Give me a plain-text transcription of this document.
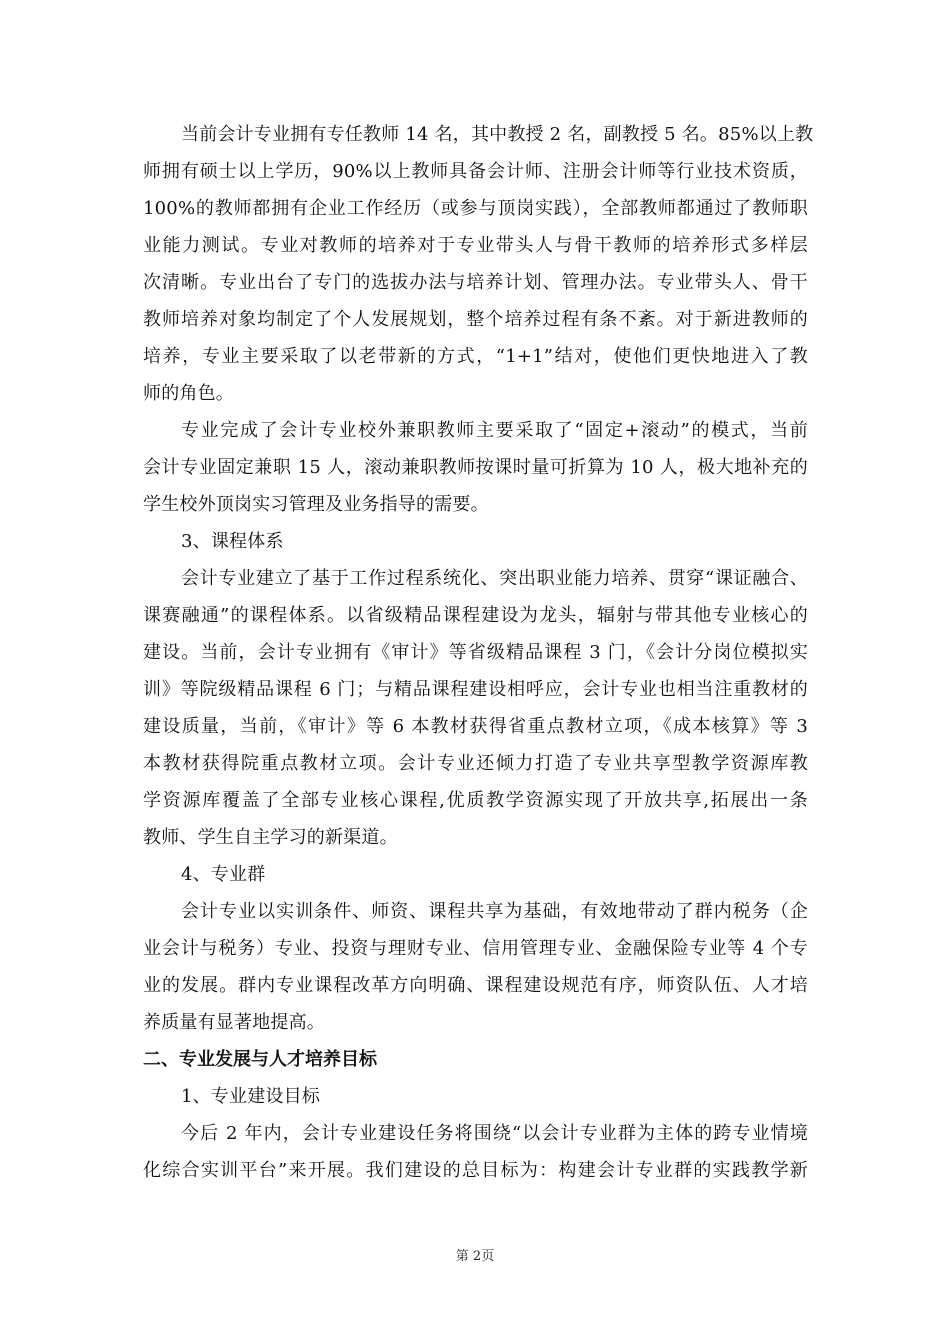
当前会计专业拥有专任教师 14 名，其中教授 2 名，副教授 5 名。85%以上教
师拥有硕士以上学历，90%以上教师具备会计师、注册会计师等行业技术资质，
100%的教师都拥有企业工作经历（或参与顶岗实践），全部教师都通过了教师职
业能力测试。专业对教师的培养对于专业带头人与骨干教师的培养形式多样层
次清晰。专业出台了专门的选拔办法与培养计划、管理办法。专业带头人、骨干
教师培养对象均制定了个人发展规划，整个培养过程有条不紊。对于新进教师的
培养，专业主要采取了以老带新的方式，“1+1”结对，使他们更快地进入了教
师的角色。
专业完成了会计专业校外兼职教师主要采取了“固定+滚动”的模式，当前
会计专业固定兼职 15 人，滚动兼职教师按课时量可折算为 10 人，极大地补充的
学生校外顶岗实习管理及业务指导的需要。
3、课程体系
会计专业建立了基于工作过程系统化、突出职业能力培养、贯穿“课证融合、
课赛融通”的课程体系。以省级精品课程建设为龙头，辐射与带其他专业核心的
建设。当前，会计专业拥有《审计》等省级精品课程 3 门，《会计分岗位模拟实
训》等院级精品课程 6 门；与精品课程建设相呼应，会计专业也相当注重教材的
建设质量，当前，《审计》等 6 本教材获得省重点教材立项，《成本核算》等 3
本教材获得院重点教材立项。会计专业还倾力打造了专业共享型教学资源库教
学资源库覆盖了全部专业核心课程,优质教学资源实现了开放共享,拓展出一条
教师、学生自主学习的新渠道。
4、专业群
会计专业以实训条件、师资、课程共享为基础，有效地带动了群内税务（企
业会计与税务）专业、投资与理财专业、信用管理专业、金融保险专业等 4 个专
业的发展。群内专业课程改革方向明确、课程建设规范有序，师资队伍、人才培
养质量有显著地提高。
二、专业发展与人才培养目标
1、专业建设目标
今后 2 年内，会计专业建设任务将围绕“以会计专业群为主体的跨专业情境
化综合实训平台”来开展。我们建设的总目标为：构建会计专业群的实践教学新
第 2页
